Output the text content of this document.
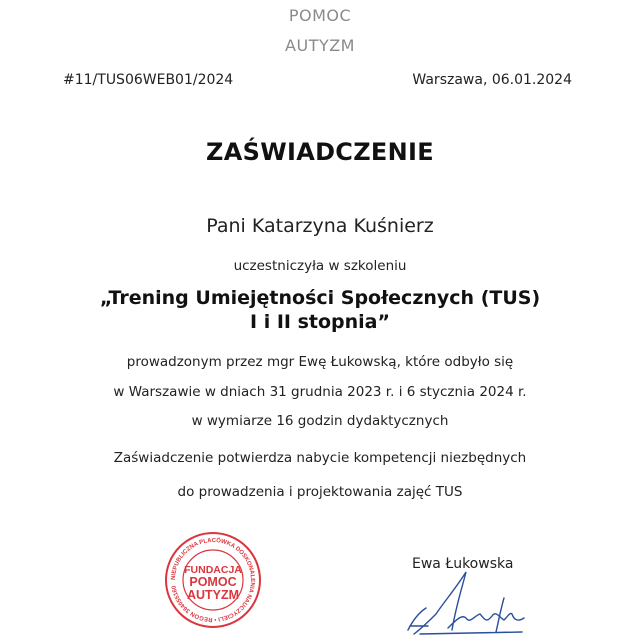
POMOC
AUTYZM
#11/TUS06WEB01/2024	Warszawa, 06.01.2024
ZAŚWIADCZENIE
Pani Katarzyna Kuśnierz
uczestniczyła w szkoleniu
„Trening Umiejętności Społecznych (TUS)
I i II stopnia”
prowadzonym przez mgr Ewę Łukowską, które odbyło się
w Warszawie w dniach 31 grudnia 2023 r. i 6 stycznia 2024 r.
w wymiarze 16 godzin dydaktycznych
Zaświadczenie potwierdza nabycie kompetencji niezbędnych
do prowadzenia i projektowania zajęć TUS
NIEPUBLICZNA PLACÓWKA DOSKONALENIA NAUCZYCIELI • REGON 364055160
FUNDACJA
POMOC
AUTYZM
Ewa Łukowska
